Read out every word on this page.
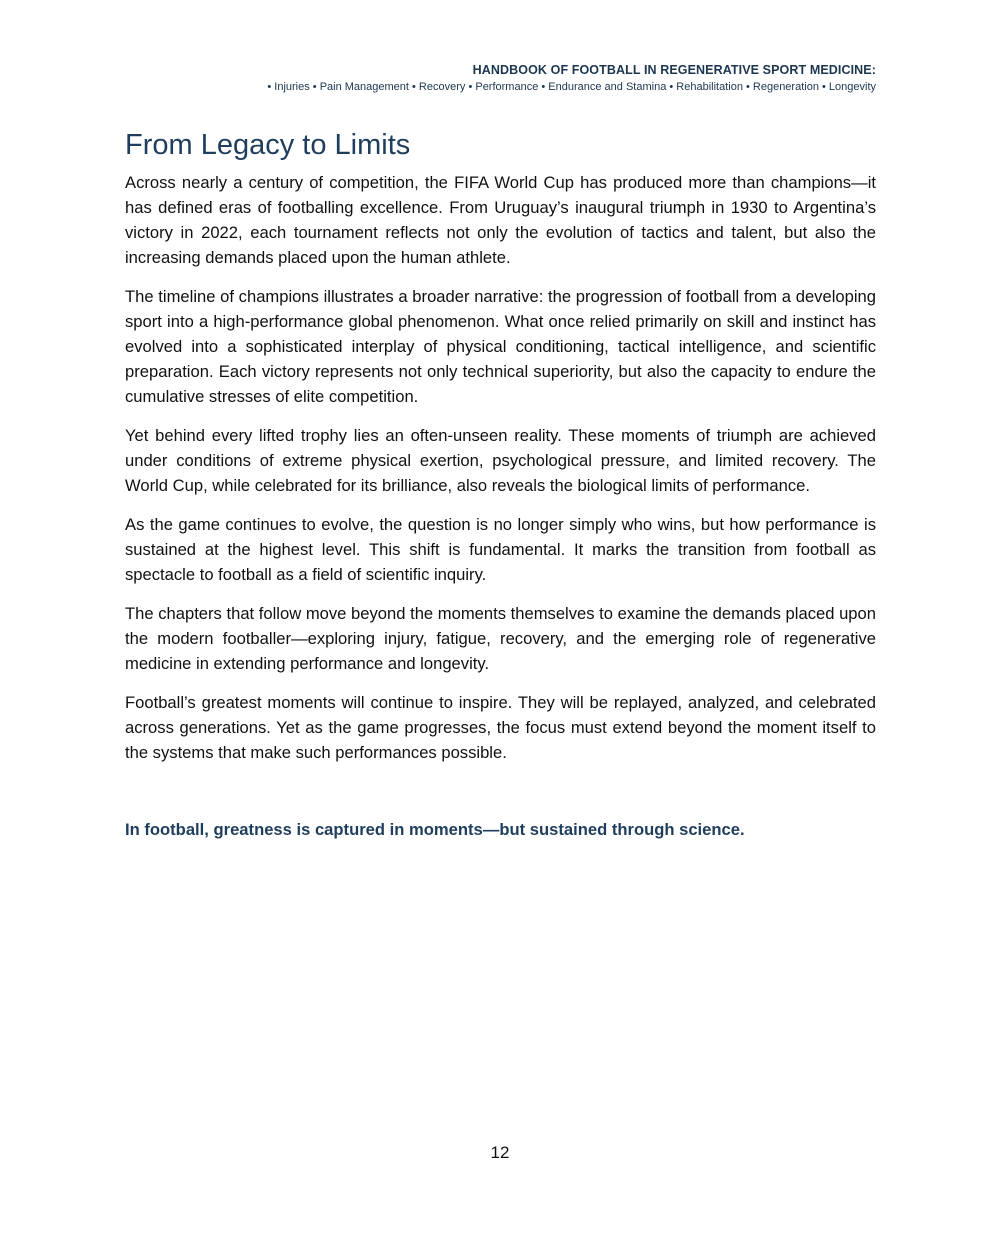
HANDBOOK OF FOOTBALL IN REGENERATIVE SPORT MEDICINE:
• Injuries • Pain Management • Recovery • Performance • Endurance and Stamina • Rehabilitation • Regeneration • Longevity
From Legacy to Limits

Across nearly a century of competition, the FIFA World Cup has produced more than champions—it has defined eras of footballing excellence. From Uruguay’s inaugural triumph in 1930 to Argentina’s victory in 2022, each tournament reflects not only the evolution of tactics and talent, but also the increasing demands placed upon the human athlete.

The timeline of champions illustrates a broader narrative: the progression of football from a developing sport into a high-performance global phenomenon. What once relied primarily on skill and instinct has evolved into a sophisticated interplay of physical conditioning, tactical intelligence, and scientific preparation. Each victory represents not only technical superiority, but also the capacity to endure the cumulative stresses of elite competition.

Yet behind every lifted trophy lies an often-unseen reality. These moments of triumph are achieved under conditions of extreme physical exertion, psychological pressure, and limited recovery. The World Cup, while celebrated for its brilliance, also reveals the biological limits of performance.

As the game continues to evolve, the question is no longer simply who wins, but how performance is sustained at the highest level. This shift is fundamental. It marks the transition from football as spectacle to football as a field of scientific inquiry.

The chapters that follow move beyond the moments themselves to examine the demands placed upon the modern footballer—exploring injury, fatigue, recovery, and the emerging role of regenerative medicine in extending performance and longevity.

Football’s greatest moments will continue to inspire. They will be replayed, analyzed, and celebrated across generations. Yet as the game progresses, the focus must extend beyond the moment itself to the systems that make such performances possible.

In football, greatness is captured in moments—but sustained through science.
12
